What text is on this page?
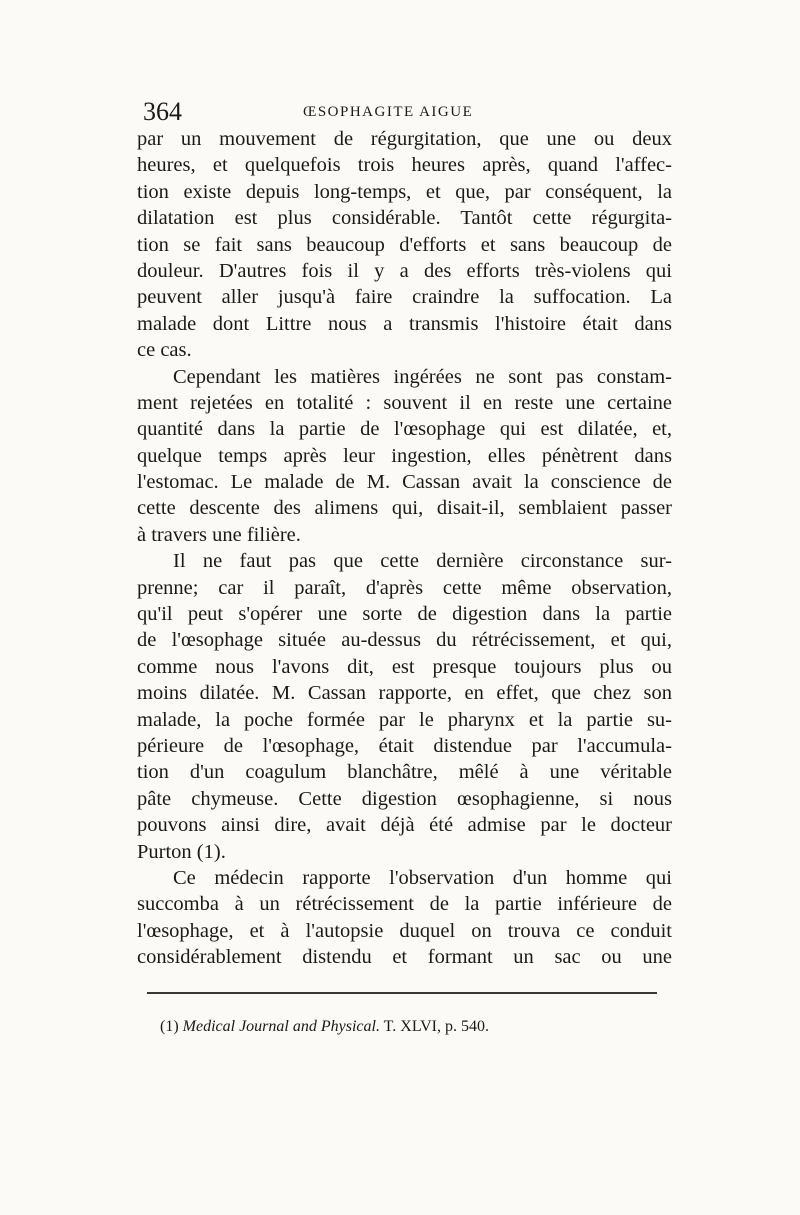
364	ŒSOPHAGITE AIGUE
par un mouvement de régurgitation, que une ou deux
heures, et quelquefois trois heures après, quand l'affec-
tion existe depuis long-temps, et que, par conséquent, la
dilatation est plus considérable. Tantôt cette régurgita-
tion se fait sans beaucoup d'efforts et sans beaucoup de
douleur. D'autres fois il y a des efforts très-violens qui
peuvent aller jusqu'à faire craindre la suffocation. La
malade dont Littre nous a transmis l'histoire était dans
ce cas.
Cependant les matières ingérées ne sont pas constam-
ment rejetées en totalité : souvent il en reste une certaine
quantité dans la partie de l'œsophage qui est dilatée, et,
quelque temps après leur ingestion, elles pénètrent dans
l'estomac. Le malade de M. Cassan avait la conscience de
cette descente des alimens qui, disait-il, semblaient passer
à travers une filière.
Il ne faut pas que cette dernière circonstance sur-
prenne; car il paraît, d'après cette même observation,
qu'il peut s'opérer une sorte de digestion dans la partie
de l'œsophage située au-dessus du rétrécissement, et qui,
comme nous l'avons dit, est presque toujours plus ou
moins dilatée. M. Cassan rapporte, en effet, que chez son
malade, la poche formée par le pharynx et la partie su-
périeure de l'œsophage, était distendue par l'accumula-
tion d'un coagulum blanchâtre, mêlé à une véritable
pâte chymeuse. Cette digestion œsophagienne, si nous
pouvons ainsi dire, avait déjà été admise par le docteur
Purton (1).
Ce médecin rapporte l'observation d'un homme qui
succomba à un rétrécissement de la partie inférieure de
l'œsophage, et à l'autopsie duquel on trouva ce conduit
considérablement distendu et formant un sac ou une
(1) Medical Journal and Physical. T. XLVI, p. 540.
